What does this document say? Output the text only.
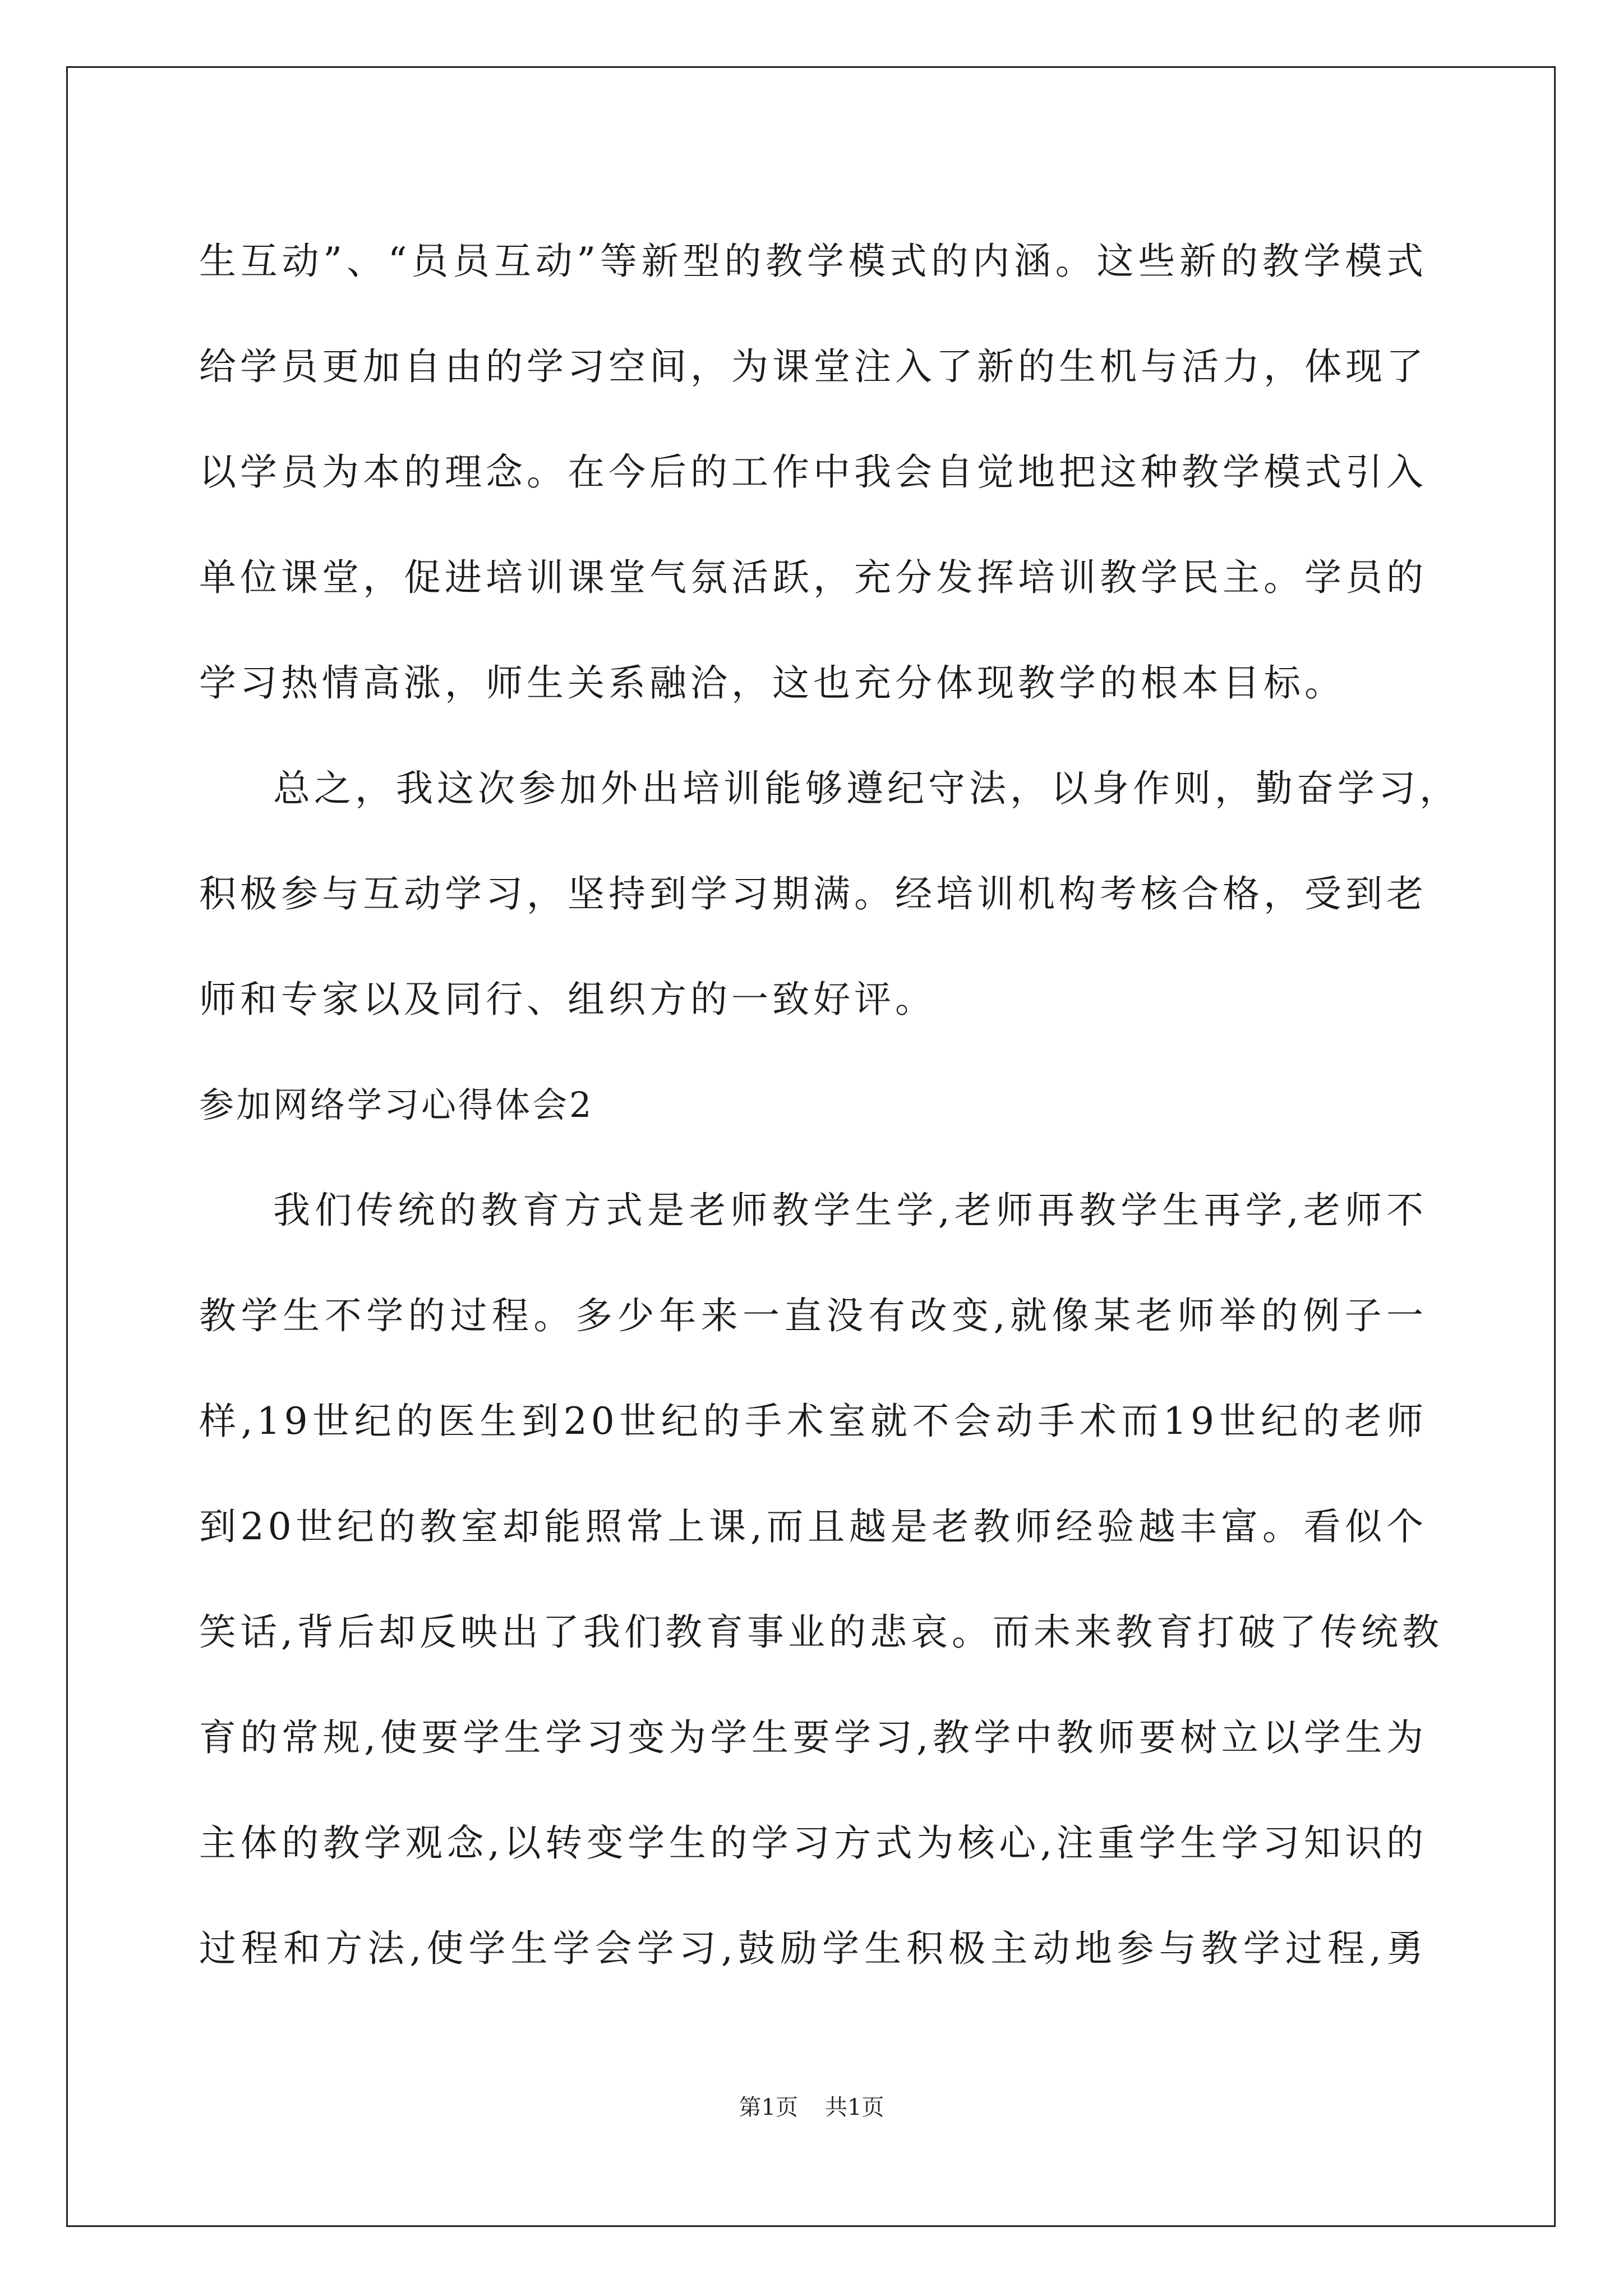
生互动”、“员员互动”等新型的教学模式的内涵。这些新的教学模式
给学员更加自由的学习空间，为课堂注入了新的生机与活力，体现了
以学员为本的理念。在今后的工作中我会自觉地把这种教学模式引入
单位课堂，促进培训课堂气氛活跃，充分发挥培训教学民主。学员的
学习热情高涨，师生关系融洽，这也充分体现教学的根本目标。
总之，我这次参加外出培训能够遵纪守法，以身作则，勤奋学习，
积极参与互动学习，坚持到学习期满。经培训机构考核合格，受到老
师和专家以及同行、组织方的一致好评。
参加网络学习心得体会2
我们传统的教育方式是老师教学生学,老师再教学生再学,老师不
教学生不学的过程。多少年来一直没有改变,就像某老师举的例子一
样,19世纪的医生到20世纪的手术室就不会动手术而19世纪的老师
到20世纪的教室却能照常上课,而且越是老教师经验越丰富。看似个
笑话,背后却反映出了我们教育事业的悲哀。而未来教育打破了传统教
育的常规,使要学生学习变为学生要学习,教学中教师要树立以学生为
主体的教学观念,以转变学生的学习方式为核心,注重学生学习知识的
过程和方法,使学生学会学习,鼓励学生积极主动地参与教学过程,勇
第1页 共1页
